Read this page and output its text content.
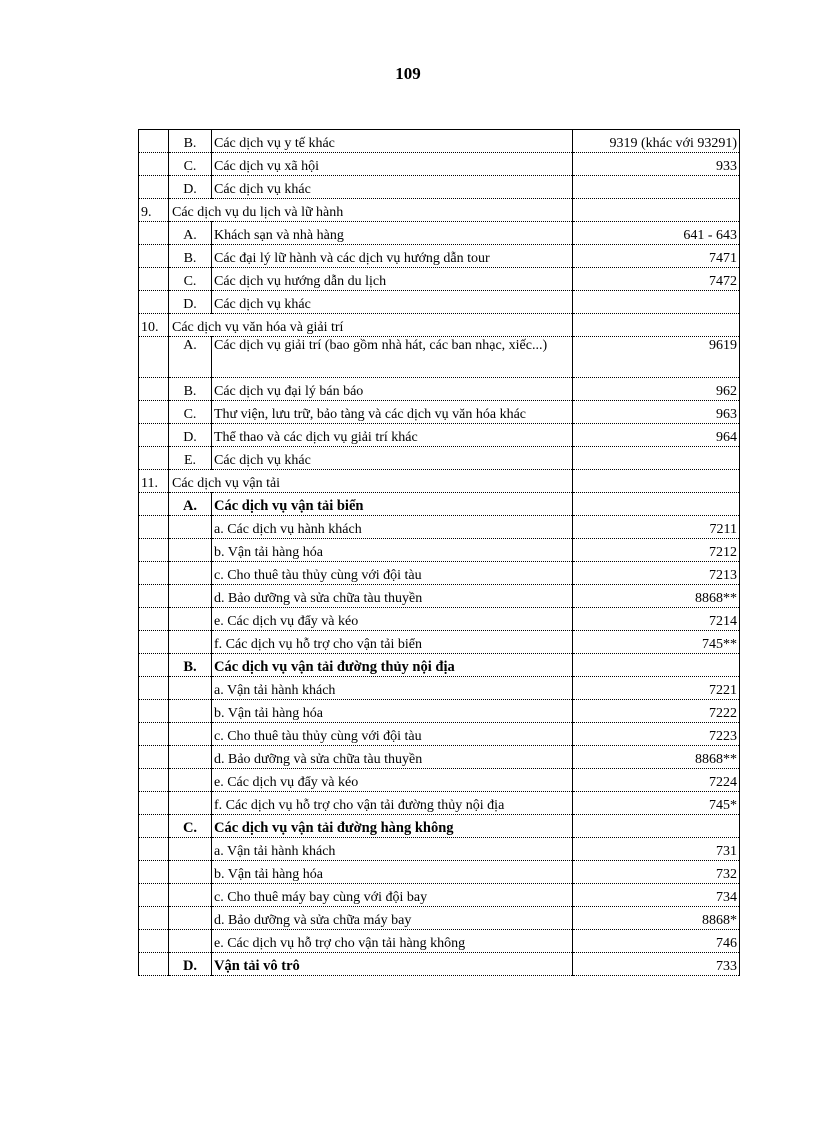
109
	B.	Các dịch vụ y tế khác	9319 (khác với 93291)
	C.	Các dịch vụ xã hội	933
	D.	Các dịch vụ khác	
9.	Các dịch vụ du lịch và lữ hành		
	A.	Khách sạn và nhà hàng	641 - 643
	B.	Các đại lý lữ hành và các dịch vụ hướng dẫn tour	7471
	C.	Các dịch vụ hướng dẫn du lịch	7472
	D.	Các dịch vụ khác	
10.	Các dịch vụ văn hóa và giải trí		
	A.	Các dịch vụ giải trí (bao gồm nhà hát, các ban nhạc, xiếc...)	9619
	B.	Các dịch vụ đại lý bán báo	962
	C.	Thư viện, lưu trữ, bảo tàng và các dịch vụ văn hóa khác	963
	D.	Thể thao và các dịch vụ giải trí khác	964
	E.	Các dịch vụ khác	
11.	Các dịch vụ vận tải		
	A.	Các dịch vụ vận tải biển	
		a. Các dịch vụ hành khách	7211
		b. Vận tải hàng hóa	7212
		c. Cho thuê tàu thủy cùng với đội tàu	7213
		d. Bảo dưỡng và sửa chữa tàu thuyền	8868**
		e. Các dịch vụ đẩy và kéo	7214
		f. Các dịch vụ hỗ trợ cho vận tải biển	745**
	B.	Các dịch vụ vận tải đường thủy nội địa	
		a. Vận tải hành khách	7221
		b. Vận tải hàng hóa	7222
		c. Cho thuê tàu thủy cùng với đội tàu	7223
		d. Bảo dưỡng và sửa chữa tàu thuyền	8868**
		e. Các dịch vụ đẩy và kéo	7224
		f. Các dịch vụ hỗ trợ cho vận tải đường thủy nội địa	745*
	C.	Các dịch vụ vận tải đường hàng không	
		a. Vận tải hành khách	731
		b. Vận tải hàng hóa	732
		c. Cho thuê máy bay cùng với đội bay	734
		d. Bảo dưỡng và sửa chữa máy bay	8868*
		e. Các dịch vụ hỗ trợ cho vận tải hàng không	746
	D.	Vận tải vô trô	733
